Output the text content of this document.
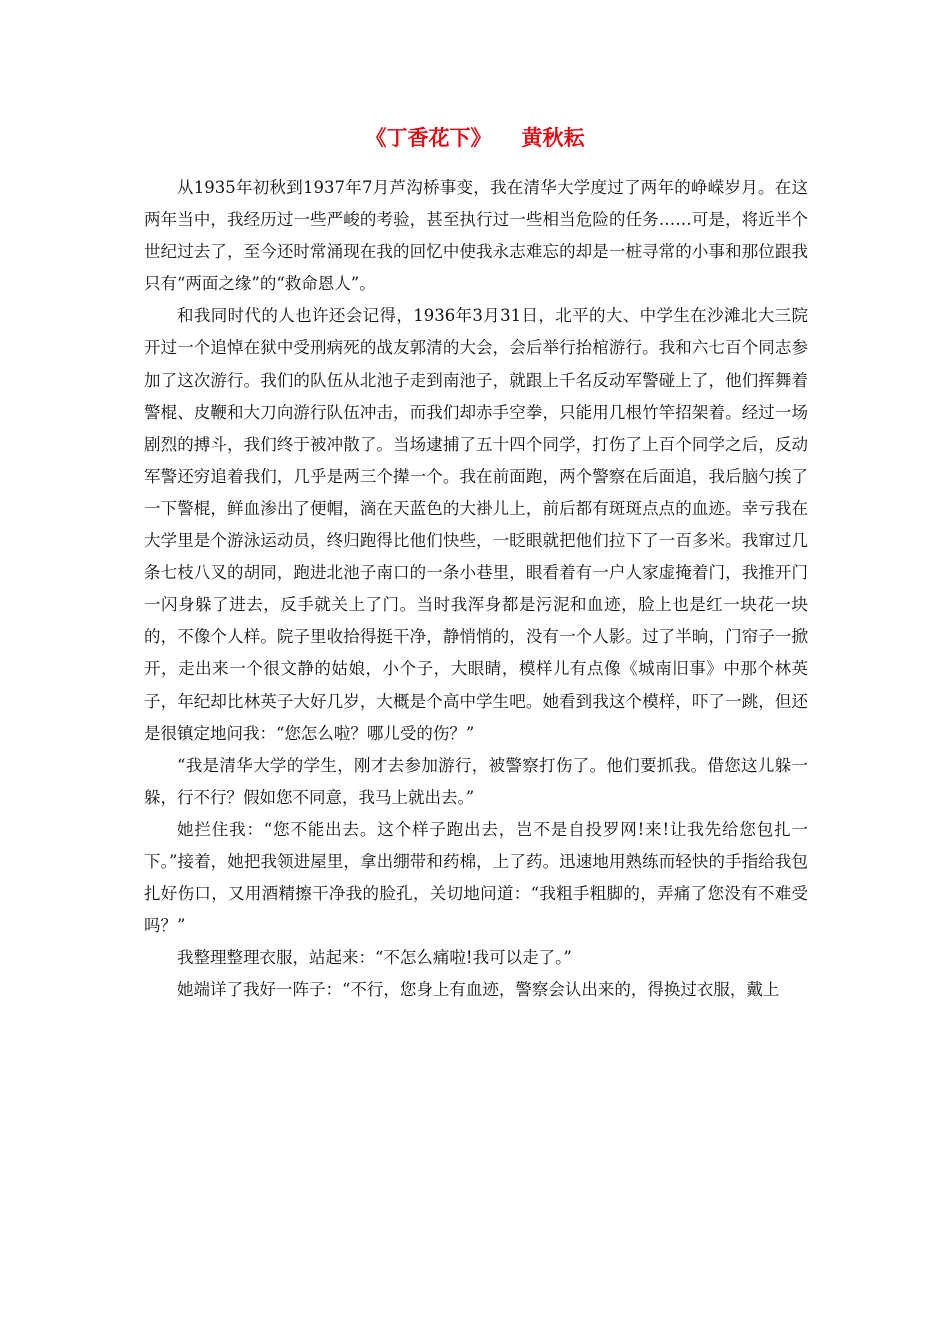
《丁香花下》 黄秋耘

从1935年初秋到1937年7月芦沟桥事变，我在清华大学度过了两年的峥嵘岁月。在这两年当中，我经历过一些严峻的考验，甚至执行过一些相当危险的任务……可是，将近半个世纪过去了，至今还时常涌现在我的回忆中使我永志难忘的却是一桩寻常的小事和那位跟我只有“两面之缘”的“救命恩人”。

和我同时代的人也许还会记得，1936年3月31日，北平的大、中学生在沙滩北大三院开过一个追悼在狱中受刑病死的战友郭清的大会，会后举行抬棺游行。我和六七百个同志参加了这次游行。我们的队伍从北池子走到南池子，就跟上千名反动军警碰上了，他们挥舞着警棍、皮鞭和大刀向游行队伍冲击，而我们却赤手空拳，只能用几根竹竿招架着。经过一场剧烈的搏斗，我们终于被冲散了。当场逮捕了五十四个同学，打伤了上百个同学之后，反动军警还穷追着我们，几乎是两三个撵一个。我在前面跑，两个警察在后面追，我后脑勺挨了一下警棍，鲜血渗出了便帽，滴在天蓝色的大褂儿上，前后都有斑斑点点的血迹。幸亏我在大学里是个游泳运动员，终归跑得比他们快些，一眨眼就把他们拉下了一百多米。我窜过几条七枝八叉的胡同，跑进北池子南口的一条小巷里，眼看着有一户人家虚掩着门，我推开门一闪身躲了进去，反手就关上了门。当时我浑身都是污泥和血迹，脸上也是红一块花一块的，不像个人样。院子里收拾得挺干净，静悄悄的，没有一个人影。过了半晌，门帘子一掀开，走出来一个很文静的姑娘，小个子，大眼睛，模样儿有点像《城南旧事》中那个林英子，年纪却比林英子大好几岁，大概是个高中学生吧。她看到我这个模样，吓了一跳，但还是很镇定地问我：“您怎么啦？哪儿受的伤？”

“我是清华大学的学生，刚才去参加游行，被警察打伤了。他们要抓我。借您这儿躲一躲，行不行？假如您不同意，我马上就出去。”

她拦住我：“您不能出去。这个样子跑出去，岂不是自投罗网!来!让我先给您包扎一下。”接着，她把我领进屋里，拿出绷带和药棉，上了药。迅速地用熟练而轻快的手指给我包扎好伤口，又用酒精擦干净我的脸孔，关切地问道：“我粗手粗脚的，弄痛了您没有不难受吗？”

我整理整理衣服，站起来：“不怎么痛啦!我可以走了。”

她端详了我好一阵子：“不行，您身上有血迹，警察会认出来的，得换过衣服，戴上
